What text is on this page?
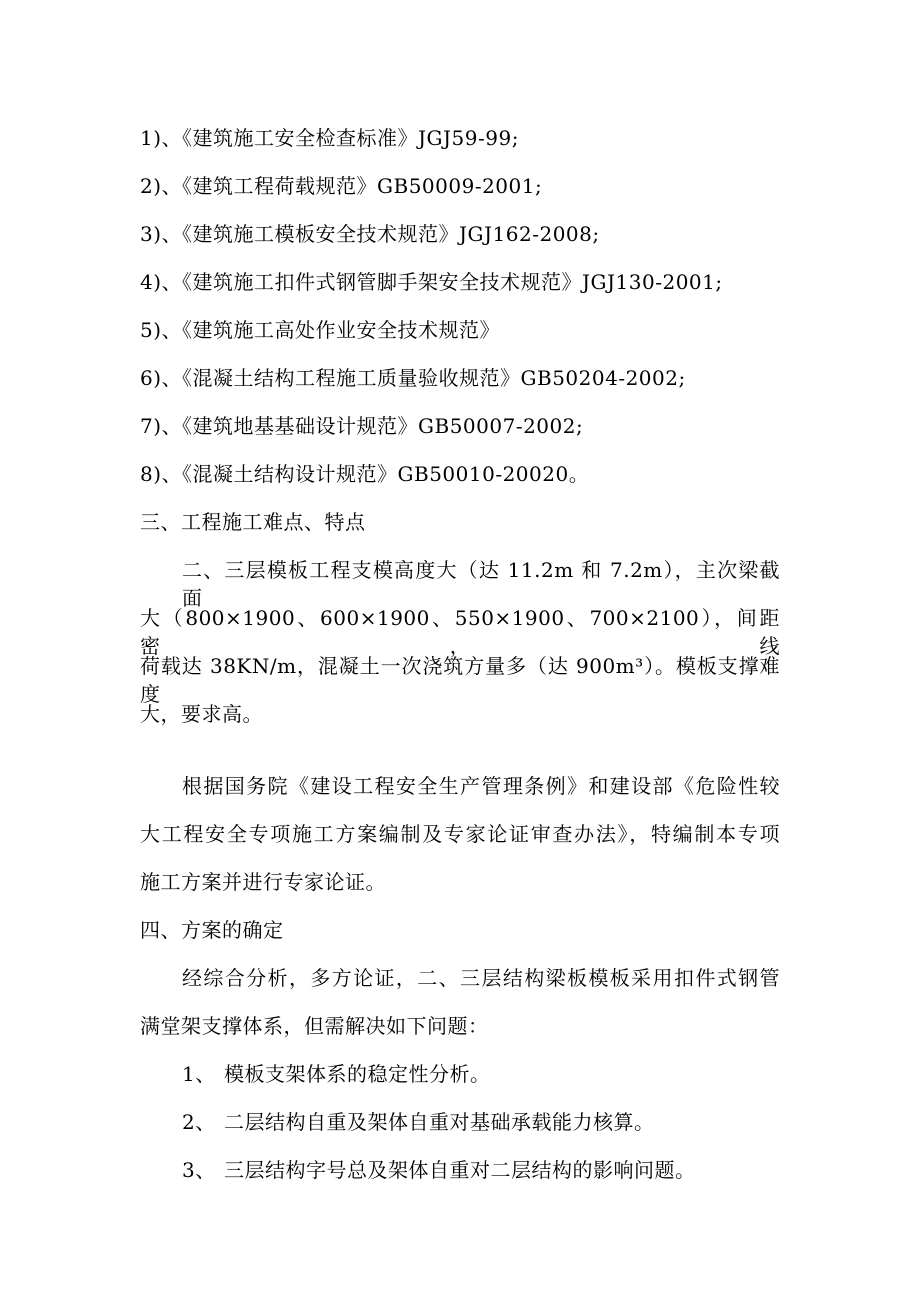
1)、《建筑施工安全检查标准》JGJ59-99;
2)、《建筑工程荷载规范》GB50009-2001;
3)、《建筑施工模板安全技术规范》JGJ162-2008;
4)、《建筑施工扣件式钢管脚手架安全技术规范》JGJ130-2001;
5)、《建筑施工高处作业安全技术规范》
6)、《混凝土结构工程施工质量验收规范》GB50204-2002;
7)、《建筑地基基础设计规范》GB50007-2002;
8)、《混凝土结构设计规范》GB50010-20020。
三、工程施工难点、特点
二、三层模板工程支模高度大（达 11.2m 和 7.2m），主次梁截面
大（800×1900、600×1900、550×1900、700×2100），间距密，线
荷载达 38KN/m，混凝土一次浇筑方量多（达 900m³）。模板支撑难度
大，要求高。
根据国务院《建设工程安全生产管理条例》和建设部《危险性较
大工程安全专项施工方案编制及专家论证审查办法》，特编制本专项
施工方案并进行专家论证。
四、方案的确定
经综合分析，多方论证，二、三层结构梁板模板采用扣件式钢管
满堂架支撑体系，但需解决如下问题：
1、 模板支架体系的稳定性分析。
2、 二层结构自重及架体自重对基础承载能力核算。
3、 三层结构字号总及架体自重对二层结构的影响问题。
